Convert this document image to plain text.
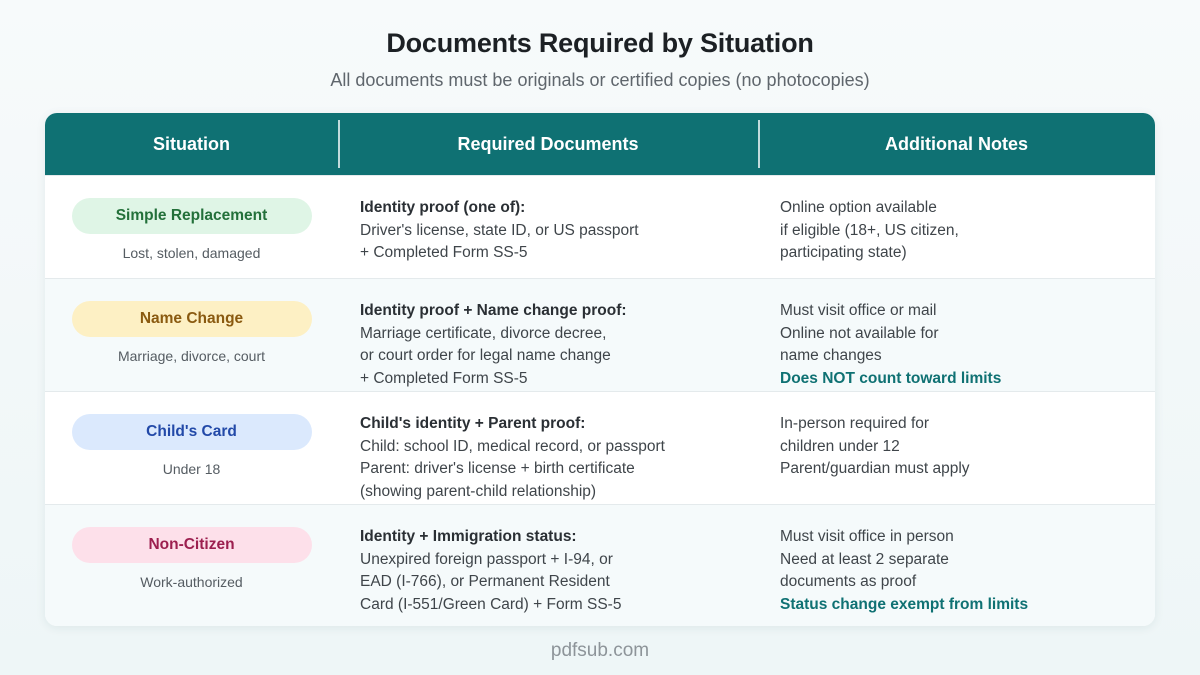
Documents Required by Situation
All documents must be originals or certified copies (no photocopies)
Situation	Required Documents	Additional Notes
Simple Replacement
Lost, stolen, damaged
Identity proof (one of):
Driver's license, state ID, or US passport
+ Completed Form SS-5
Online option available
if eligible (18+, US citizen,
participating state)
Name Change
Marriage, divorce, court
Identity proof + Name change proof:
Marriage certificate, divorce decree,
or court order for legal name change
+ Completed Form SS-5
Must visit office or mail
Online not available for
name changes
Does NOT count toward limits
Child's Card
Under 18
Child's identity + Parent proof:
Child: school ID, medical record, or passport
Parent: driver's license + birth certificate
(showing parent-child relationship)
In-person required for
children under 12
Parent/guardian must apply
Non-Citizen
Work-authorized
Identity + Immigration status:
Unexpired foreign passport + I-94, or
EAD (I-766), or Permanent Resident
Card (I-551/Green Card) + Form SS-5
Must visit office in person
Need at least 2 separate
documents as proof
Status change exempt from limits
pdfsub.com
